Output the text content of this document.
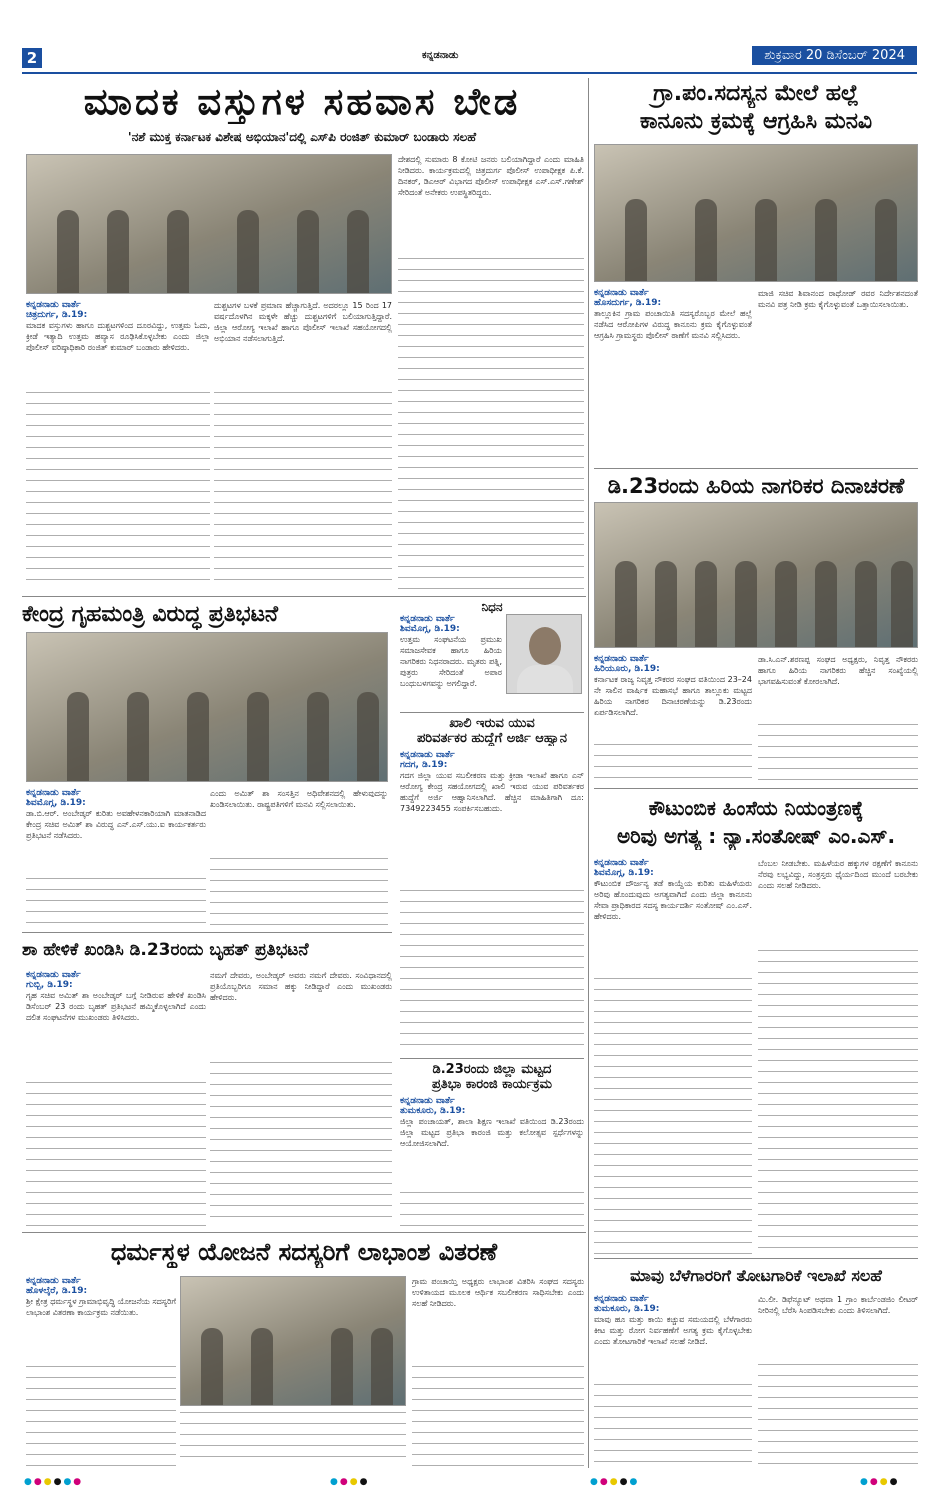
2	ಕನ್ನಡನಾಡು	ಶುಕ್ರವಾರ 20 ಡಿಸೆಂಬರ್ 2024
ಮಾದಕ ವಸ್ತುಗಳ ಸಹವಾಸ ಬೇಡ
'ನಶೆ ಮುಕ್ತ ಕರ್ನಾಟಕ ವಿಶೇಷ ಅಭಿಯಾನ'ದಲ್ಲಿ ಎಸ್‌ಪಿ ರಂಜಿತ್ ಕುಮಾರ್ ಬಂಡಾರು ಸಲಹೆ
ಕನ್ನಡನಾಡು ವಾರ್ತೆ
ಚಿತ್ರದುರ್ಗ, ಡಿ.19:
ಮಾದಕ ವಸ್ತುಗಳು ಹಾಗೂ ದುಶ್ಚಟಗಳಿಂದ ದೂರವಿದ್ದು, ಉತ್ತಮ ಓದು, ಕ್ರೀಡೆ ಇತ್ಯಾದಿ ಉತ್ತಮ ಹವ್ಯಾಸ ರೂಢಿಸಿಕೊಳ್ಳಬೇಕು ಎಂದು ಜಿಲ್ಲಾ ಪೊಲೀಸ್ ವರಿಷ್ಠಾಧಿಕಾರಿ ರಂಜಿತ್ ಕುಮಾರ್ ಬಂಡಾರು ಹೇಳಿದರು.
ದುಶ್ಚಟಗಳ ಬಳಕೆ ಪ್ರಮಾಣ ಹೆಚ್ಚಾಗುತ್ತಿದೆ. ಅದರಲ್ಲೂ 15 ರಿಂದ 17 ವರ್ಷದೊಳಗಿನ ಮಕ್ಕಳೇ ಹೆಚ್ಚು ದುಶ್ಚಟಗಳಿಗೆ ಬಲಿಯಾಗುತ್ತಿದ್ದಾರೆ. ಜಿಲ್ಲಾ ಆರೋಗ್ಯ ಇಲಾಖೆ ಹಾಗೂ ಪೊಲೀಸ್ ಇಲಾಖೆ ಸಹಯೋಗದಲ್ಲಿ ಅಭಿಯಾನ ನಡೆಸಲಾಗುತ್ತಿದೆ.
ದೇಶದಲ್ಲಿ ಸುಮಾರು 8 ಕೋಟಿ ಜನರು ಬಲಿಯಾಗಿದ್ದಾರೆ ಎಂದು ಮಾಹಿತಿ ನೀಡಿದರು. ಕಾರ್ಯಕ್ರಮದಲ್ಲಿ ಚಿತ್ರದುರ್ಗ ಪೊಲೀಸ್ ಉಪಾಧೀಕ್ಷಕ ಪಿ.ಕೆ. ದಿನಕರ್, ಡಿಎಆರ್ ವಿಭಾಗದ ಪೊಲೀಸ್ ಉಪಾಧೀಕ್ಷಕ ಎಸ್.ಎಸ್.ಗಣೇಶ್ ಸೇರಿದಂತೆ ಅನೇಕರು ಉಪಸ್ಥಿತರಿದ್ದರು.
ಗ್ರಾ.ಪಂ.ಸದಸ್ಯನ ಮೇಲೆ ಹಲ್ಲೆ
ಕಾನೂನು ಕ್ರಮಕ್ಕೆ ಆಗ್ರಹಿಸಿ ಮನವಿ
ಕನ್ನಡನಾಡು ವಾರ್ತೆ
ಹೊಸದುರ್ಗ, ಡಿ.19:
ತಾಲ್ಲೂಕಿನ ಗ್ರಾಮ ಪಂಚಾಯಿತಿ ಸದಸ್ಯರೊಬ್ಬರ ಮೇಲೆ ಹಲ್ಲೆ ನಡೆಸಿದ ಆರೋಪಿಗಳ ವಿರುದ್ಧ ಕಾನೂನು ಕ್ರಮ ಕೈಗೊಳ್ಳುವಂತೆ ಆಗ್ರಹಿಸಿ ಗ್ರಾಮಸ್ಥರು ಪೊಲೀಸ್ ಠಾಣೆಗೆ ಮನವಿ ಸಲ್ಲಿಸಿದರು.
ಮಾಜಿ ಸಚಿವ ಶಿವಾನಂದ ರಾಥೋಡ್ ರವರ ನಿರ್ದೇಶನದಂತೆ ಮನವಿ ಪತ್ರ ನೀಡಿ ಕ್ರಮ ಕೈಗೊಳ್ಳುವಂತೆ ಒತ್ತಾಯಿಸಲಾಯಿತು.
ಡಿ.23ರಂದು ಹಿರಿಯ ನಾಗರಿಕರ ದಿನಾಚರಣೆ
ಕನ್ನಡನಾಡು ವಾರ್ತೆ
ಹಿರಿಯೂರು, ಡಿ.19:
ಕರ್ನಾಟಕ ರಾಜ್ಯ ನಿವೃತ್ತ ನೌಕರರ ಸಂಘದ ವತಿಯಿಂದ 23–24 ನೇ ಸಾಲಿನ ವಾರ್ಷಿಕ ಮಹಾಸಭೆ ಹಾಗೂ ತಾಲ್ಲೂಕು ಮಟ್ಟದ ಹಿರಿಯ ನಾಗರಿಕರ ದಿನಾಚರಣೆಯನ್ನು ಡಿ.23ರಂದು ಏರ್ಪಡಿಸಲಾಗಿದೆ.
ಡಾ.ಸಿ.ಎನ್.ಶರಣಪ್ಪ ಸಂಘದ ಅಧ್ಯಕ್ಷರು, ನಿವೃತ್ತ ನೌಕರರು ಹಾಗೂ ಹಿರಿಯ ನಾಗರಿಕರು ಹೆಚ್ಚಿನ ಸಂಖ್ಯೆಯಲ್ಲಿ ಭಾಗವಹಿಸುವಂತೆ ಕೋರಲಾಗಿದೆ.
ಕೌಟುಂಬಿಕ ಹಿಂಸೆಯ ನಿಯಂತ್ರಣಕ್ಕೆ
ಅರಿವು ಅಗತ್ಯ : ನ್ಯಾ.ಸಂತೋಷ್ ಎಂ.ಎಸ್.
ಕನ್ನಡನಾಡು ವಾರ್ತೆ
ಶಿವಮೊಗ್ಗ, ಡಿ.19:
ಕೌಟುಂಬಿಕ ದೌರ್ಜನ್ಯ ತಡೆ ಕಾಯ್ದೆಯ ಕುರಿತು ಮಹಿಳೆಯರು ಅರಿವು ಹೊಂದುವುದು ಅಗತ್ಯವಾಗಿದೆ ಎಂದು ಜಿಲ್ಲಾ ಕಾನೂನು ಸೇವಾ ಪ್ರಾಧಿಕಾರದ ಸದಸ್ಯ ಕಾರ್ಯದರ್ಶಿ ಸಂತೋಷ್ ಎಂ.ಎಸ್. ಹೇಳಿದರು.
ಬೆಂಬಲ ನೀಡಬೇಕು. ಮಹಿಳೆಯರ ಹಕ್ಕುಗಳ ರಕ್ಷಣೆಗೆ ಕಾನೂನು ನೆರವು ಲಭ್ಯವಿದ್ದು, ಸಂತ್ರಸ್ತರು ಧೈರ್ಯದಿಂದ ಮುಂದೆ ಬರಬೇಕು ಎಂದು ಸಲಹೆ ನೀಡಿದರು.
ಕೇಂದ್ರ ಗೃಹಮಂತ್ರಿ ವಿರುದ್ಧ ಪ್ರತಿಭಟನೆ
ಕನ್ನಡನಾಡು ವಾರ್ತೆ
ಶಿವಮೊಗ್ಗ, ಡಿ.19:
ಡಾ.ಬಿ.ಆರ್. ಅಂಬೇಡ್ಕರ್ ಕುರಿತು ಅವಹೇಳನಕಾರಿಯಾಗಿ ಮಾತನಾಡಿದ ಕೇಂದ್ರ ಸಚಿವ ಅಮಿತ್ ಶಾ ವಿರುದ್ಧ ಎನ್.ಎಸ್.ಯು.ಐ ಕಾರ್ಯಕರ್ತರು ಪ್ರತಿಭಟನೆ ನಡೆಸಿದರು.
ಎಂದು ಅಮಿತ್ ಶಾ ಸಂಸತ್ತಿನ ಅಧಿವೇಶನದಲ್ಲಿ ಹೇಳುವುದನ್ನು ಖಂಡಿಸಲಾಯಿತು. ರಾಷ್ಟ್ರಪತಿಗಳಿಗೆ ಮನವಿ ಸಲ್ಲಿಸಲಾಯಿತು.
ನಿಧನ
ಕನ್ನಡನಾಡು ವಾರ್ತೆ
ಶಿವಮೊಗ್ಗ, ಡಿ.19:
ಉತ್ತಮ ಸಂಘಟನೆಯ ಪ್ರಮುಖ ಸಮಾಜಸೇವಕ ಹಾಗೂ ಹಿರಿಯ ನಾಗರಿಕರು ನಿಧನರಾದರು. ಮೃತರು ಪತ್ನಿ, ಪುತ್ರರು ಸೇರಿದಂತೆ ಅಪಾರ ಬಂಧುಬಳಗವನ್ನು ಅಗಲಿದ್ದಾರೆ.
ಖಾಲಿ ಇರುವ ಯುವ
ಪರಿವರ್ತಕರ ಹುದ್ದೆಗೆ ಅರ್ಜಿ ಆಹ್ವಾನ
ಕನ್ನಡನಾಡು ವಾರ್ತೆ
ಗದಗ, ಡಿ.19:
ಗದಗ ಜಿಲ್ಲಾ ಯುವ ಸಬಲೀಕರಣ ಮತ್ತು ಕ್ರೀಡಾ ಇಲಾಖೆ ಹಾಗೂ ಎನ್ ಆರೋಗ್ಯ ಕೇಂದ್ರ ಸಹಯೋಗದಲ್ಲಿ ಖಾಲಿ ಇರುವ ಯುವ ಪರಿವರ್ತಕರ ಹುದ್ದೆಗೆ ಅರ್ಜಿ ಆಹ್ವಾನಿಸಲಾಗಿದೆ. ಹೆಚ್ಚಿನ ಮಾಹಿತಿಗಾಗಿ ದೂ: 7349223455 ಸಂಪರ್ಕಿಸಬಹುದು.
ಶಾ ಹೇಳಿಕೆ ಖಂಡಿಸಿ ಡಿ.23ರಂದು ಬೃಹತ್ ಪ್ರತಿಭಟನೆ
ಕನ್ನಡನಾಡು ವಾರ್ತೆ
ಗುಬ್ಬಿ, ಡಿ.19:
ಗೃಹ ಸಚಿವ ಅಮಿತ್ ಶಾ ಅಂಬೇಡ್ಕರ್ ಬಗ್ಗೆ ನೀಡಿರುವ ಹೇಳಿಕೆ ಖಂಡಿಸಿ ಡಿಸೆಂಬರ್ 23 ರಂದು ಬೃಹತ್ ಪ್ರತಿಭಟನೆ ಹಮ್ಮಿಕೊಳ್ಳಲಾಗಿದೆ ಎಂದು ದಲಿತ ಸಂಘಟನೆಗಳ ಮುಖಂಡರು ತಿಳಿಸಿದರು.
ನಮಗೆ ದೇವರು, ಅಂಬೇಡ್ಕರ್ ಅವರು ನಮಗೆ ದೇವರು. ಸಂವಿಧಾನದಲ್ಲಿ ಪ್ರತಿಯೊಬ್ಬರಿಗೂ ಸಮಾನ ಹಕ್ಕು ನೀಡಿದ್ದಾರೆ ಎಂದು ಮುಖಂಡರು ಹೇಳಿದರು.
ಡಿ.23ರಂದು ಜಿಲ್ಲಾ ಮಟ್ಟದ
ಪ್ರತಿಭಾ ಕಾರಂಜಿ ಕಾರ್ಯಕ್ರಮ
ಕನ್ನಡನಾಡು ವಾರ್ತೆ
ತುಮಕೂರು, ಡಿ.19:
ಜಿಲ್ಲಾ ಪಂಚಾಯತ್, ಶಾಲಾ ಶಿಕ್ಷಣ ಇಲಾಖೆ ವತಿಯಿಂದ ಡಿ.23ರಂದು ಜಿಲ್ಲಾ ಮಟ್ಟದ ಪ್ರತಿಭಾ ಕಾರಂಜಿ ಮತ್ತು ಕಲೋತ್ಸವ ಸ್ಪರ್ಧೆಗಳನ್ನು ಆಯೋಜಿಸಲಾಗಿದೆ.
ಧರ್ಮಸ್ಥಳ ಯೋಜನೆ ಸದಸ್ಯರಿಗೆ ಲಾಭಾಂಶ ವಿತರಣೆ
ಕನ್ನಡನಾಡು ವಾರ್ತೆ
ಹೊಳಲ್ಕೆರೆ, ಡಿ.19:
ಶ್ರೀ ಕ್ಷೇತ್ರ ಧರ್ಮಸ್ಥಳ ಗ್ರಾಮಾಭಿವೃದ್ಧಿ ಯೋಜನೆಯ ಸದಸ್ಯರಿಗೆ ಲಾಭಾಂಶ ವಿತರಣಾ ಕಾರ್ಯಕ್ರಮ ನಡೆಯಿತು.
ಗ್ರಾಮ ಪಂಚಾಯ್ತಿ ಅಧ್ಯಕ್ಷರು ಲಾಭಾಂಶ ವಿತರಿಸಿ ಸಂಘದ ಸದಸ್ಯರು ಉಳಿತಾಯದ ಮೂಲಕ ಆರ್ಥಿಕ ಸಬಲೀಕರಣ ಸಾಧಿಸಬೇಕು ಎಂದು ಸಲಹೆ ನೀಡಿದರು.
ಮಾವು ಬೆಳೆಗಾರರಿಗೆ ತೋಟಗಾರಿಕೆ ಇಲಾಖೆ ಸಲಹೆ
ಕನ್ನಡನಾಡು ವಾರ್ತೆ
ತುಮಕೂರು, ಡಿ.19:
ಮಾವು ಹೂ ಮತ್ತು ಕಾಯಿ ಕಚ್ಚುವ ಸಮಯದಲ್ಲಿ ಬೆಳೆಗಾರರು ಕೀಟ ಮತ್ತು ರೋಗ ನಿರ್ವಹಣೆಗೆ ಅಗತ್ಯ ಕ್ರಮ ಕೈಗೊಳ್ಳಬೇಕು ಎಂದು ತೋಟಗಾರಿಕೆ ಇಲಾಖೆ ಸಲಹೆ ನೀಡಿದೆ.
ಮಿ.ಲೀ. ಡಿಫೆನ್ಯೂಟ್ ಅಥವಾ 1 ಗ್ರಾಂ ಕಾರ್ಬೆಂಡಜಿಂ ಲೀಟರ್ ನೀರಿನಲ್ಲಿ ಬೆರೆಸಿ ಸಿಂಪಡಿಸಬೇಕು ಎಂದು ತಿಳಿಸಲಾಗಿದೆ.
●●●●●●	●●●●	●●●●●	●●●●
